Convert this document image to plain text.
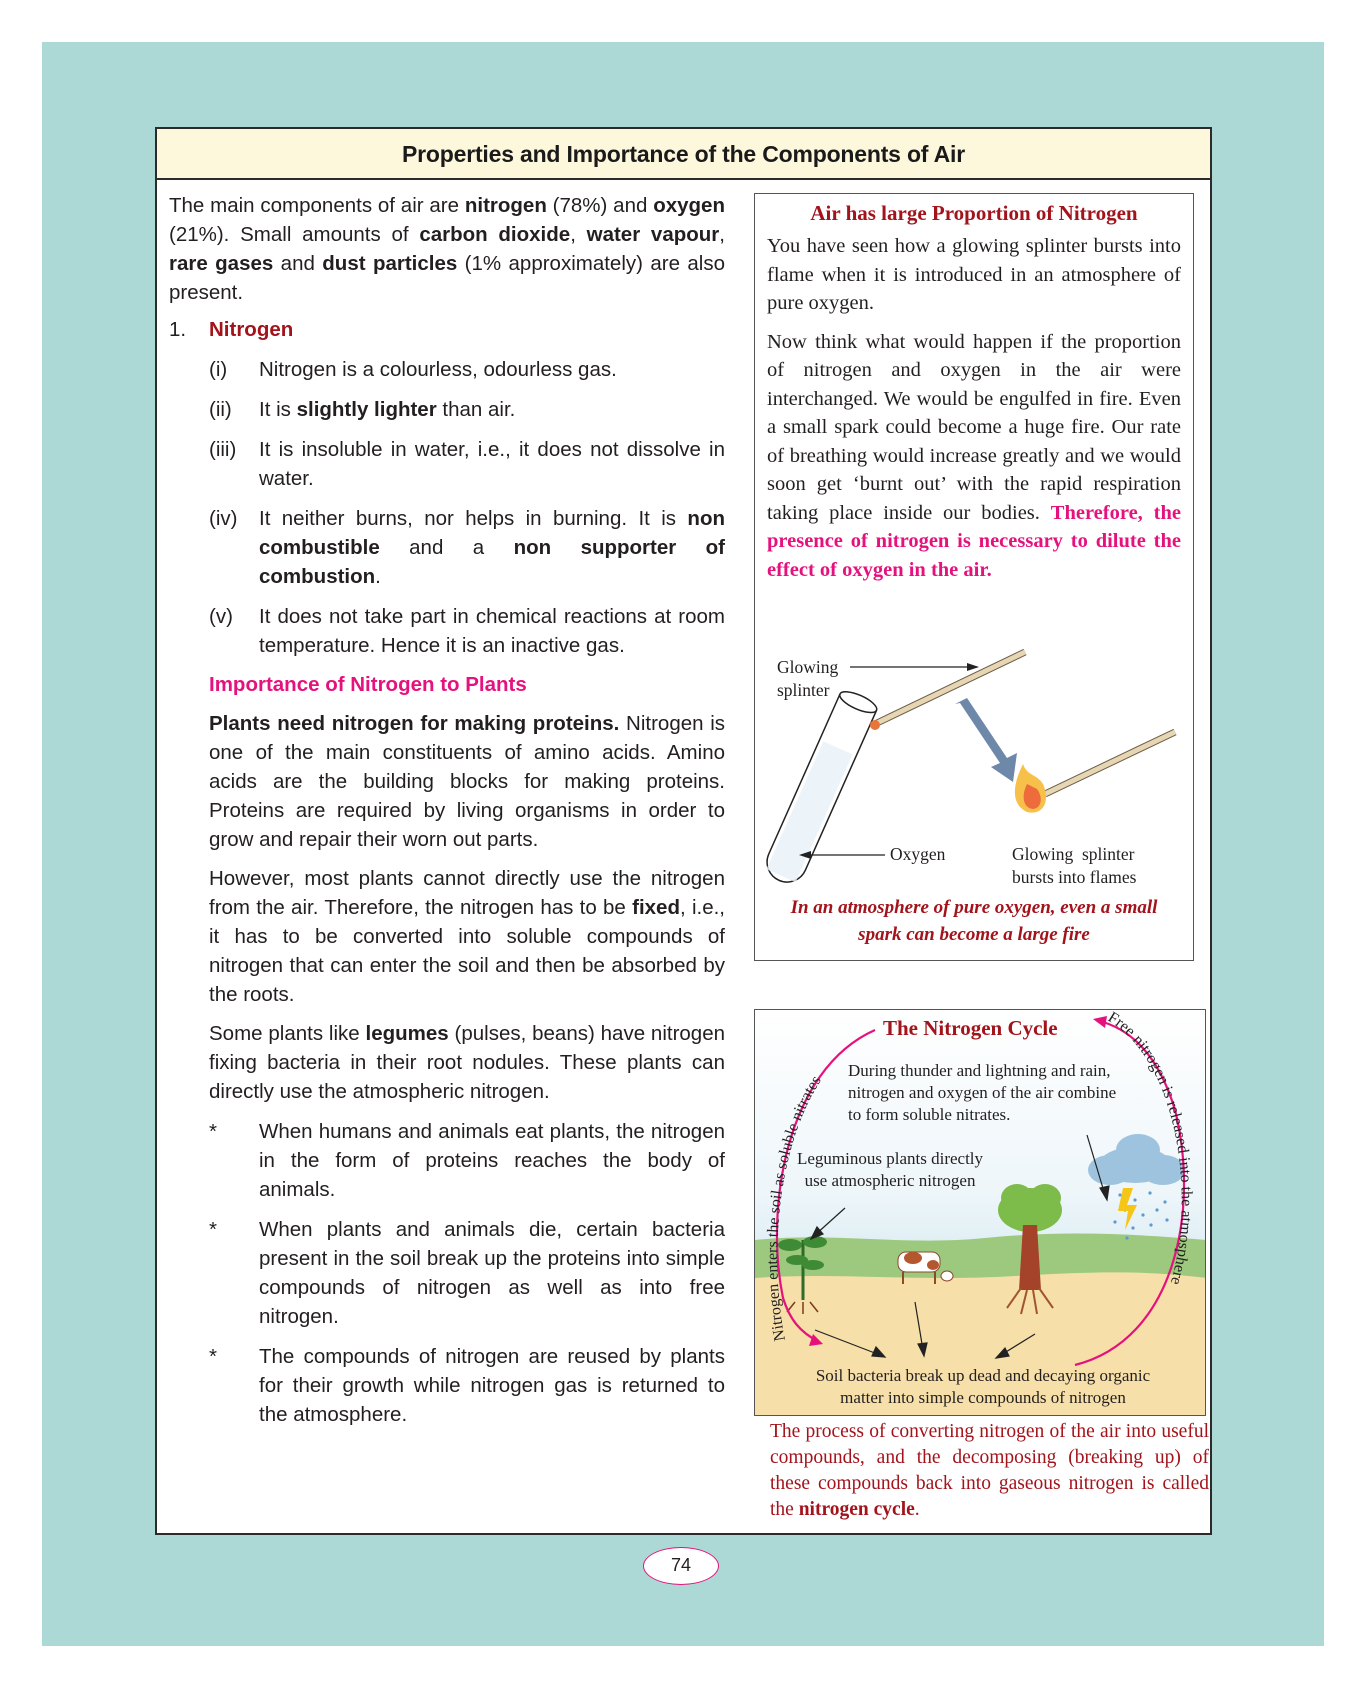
Properties and Importance of the Components of Air

The main components of air are nitrogen (78%) and oxygen (21%). Small amounts of carbon dioxide, water vapour, rare gases and dust particles (1% approximately) are also present.

1.	Nitrogen
(i)	Nitrogen is a colourless, odourless gas.
(ii)	It is slightly lighter than air.
(iii)	It is insoluble in water, i.e., it does not dissolve in water.
(iv)	It neither burns, nor helps in burning. It is non combustible and a non supporter of combustion.
(v)	It does not take part in chemical reactions at room temperature. Hence it is an inactive gas.
Importance of Nitrogen to Plants

Plants need nitrogen for making proteins. Nitrogen is one of the main constituents of amino acids. Amino acids are the building blocks for making proteins. Proteins are required by living organisms in order to grow and repair their worn out parts.

However, most plants cannot directly use the nitrogen from the air. Therefore, the nitrogen has to be fixed, i.e., it has to be converted into soluble compounds of nitrogen that can enter the soil and then be absorbed by the roots.

Some plants like legumes (pulses, beans) have nitrogen fixing bacteria in their root nodules. These plants can directly use the atmospheric nitrogen.

*	When humans and animals eat plants, the nitrogen in the form of proteins reaches the body of animals.
*	When plants and animals die, certain bacteria present in the soil break up the proteins into simple compounds of nitrogen as well as into free nitrogen.
*	The compounds of nitrogen are reused by plants for their growth while nitrogen gas is returned to the atmosphere.
Air has large Proportion of Nitrogen

You have seen how a glowing splinter bursts into flame when it is introduced in an atmosphere of pure oxygen.

Now think what would happen if the proportion of nitrogen and oxygen in the air were interchanged. We would be engulfed in fire. Even a small spark could become a huge fire. Our rate of breathing would increase greatly and we would soon get ‘burnt out’ with the rapid respiration taking place inside our bodies. Therefore, the presence of nitrogen is necessary to dilute the effect of oxygen in the air.

Glowing
splinter
Oxygen	Glowing  splinter
bursts into flames
In an atmosphere of pure oxygen, even a small
spark can become a large fire
Nitrogen enters the soil as soluble nitrates
Free nitrogen is released into the atmosphere
The Nitrogen Cycle
During thunder and lightning and rain,
nitrogen and oxygen of the air combine
to form soluble nitrates.
Leguminous plants directly
use atmospheric nitrogen
Soil bacteria break up dead and decaying organic
matter into simple compounds of nitrogen

The process of converting nitrogen of the air into useful compounds, and the decomposing (breaking up) of these compounds back into gaseous nitrogen is called the nitrogen cycle.

74
